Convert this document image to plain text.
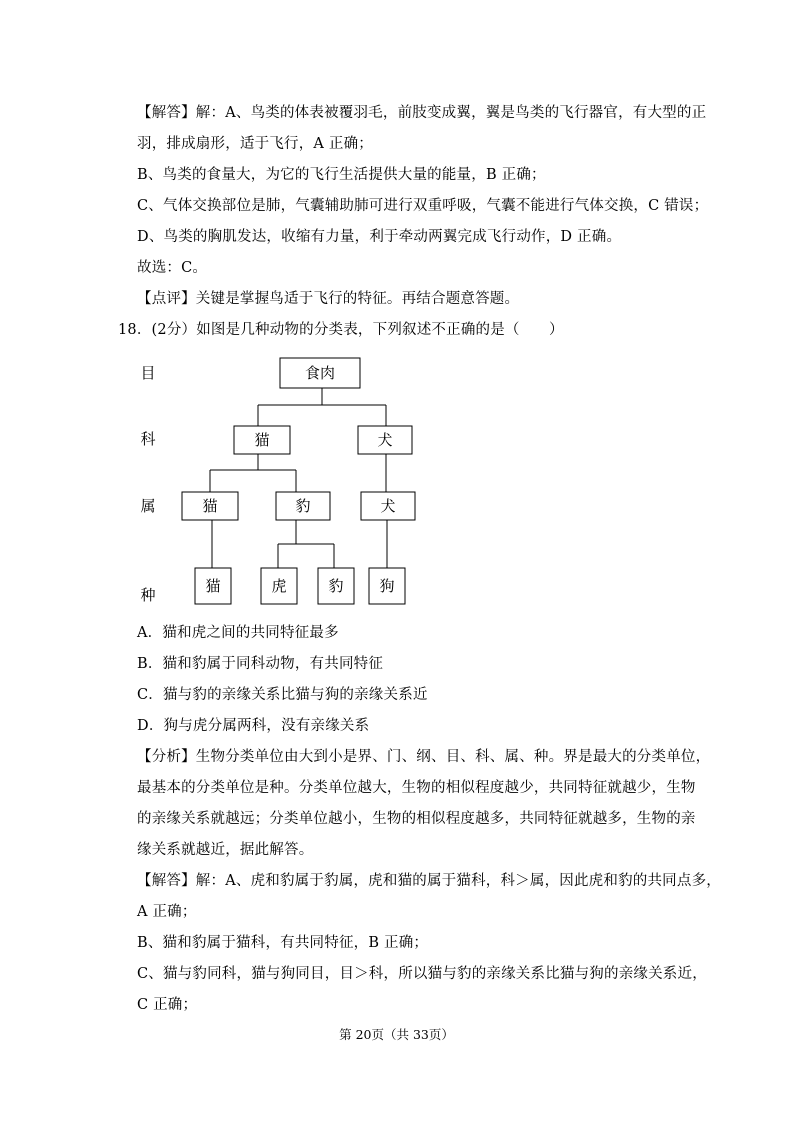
【解答】解：A、鸟类的体表被覆羽毛，前肢变成翼，翼是鸟类的飞行器官，有大型的正
羽，排成扇形，适于飞行，A 正确；
B、鸟类的食量大，为它的飞行生活提供大量的能量，B 正确；
C、气体交换部位是肺，气囊辅助肺可进行双重呼吸，气囊不能进行气体交换，C 错误；
D、鸟类的胸肌发达，收缩有力量，利于牵动两翼完成飞行动作，D 正确。
故选：C。
【点评】关键是掌握鸟适于飞行的特征。再结合题意答题。
18．(2分）如图是几种动物的分类表，下列叙述不正确的是（　　）
目
科
属
种
食肉
猫	犬
猫	豹	犬
猫	虎	豹 狗
A．猫和虎之间的共同特征最多
B．猫和豹属于同科动物，有共同特征
C．猫与豹的亲缘关系比猫与狗的亲缘关系近
D．狗与虎分属两科，没有亲缘关系
【分析】生物分类单位由大到小是界、门、纲、目、科、属、种。界是最大的分类单位，
最基本的分类单位是种。分类单位越大，生物的相似程度越少，共同特征就越少，生物
的亲缘关系就越远；分类单位越小，生物的相似程度越多，共同特征就越多，生物的亲
缘关系就越近，据此解答。
【解答】解：A、虎和豹属于豹属，虎和猫的属于猫科，科＞属，因此虎和豹的共同点多，
A 正确；
B、猫和豹属于猫科，有共同特征，B 正确；
C、猫与豹同科，猫与狗同目，目＞科，所以猫与豹的亲缘关系比猫与狗的亲缘关系近，
C 正确；
第 20页（共 33页）
